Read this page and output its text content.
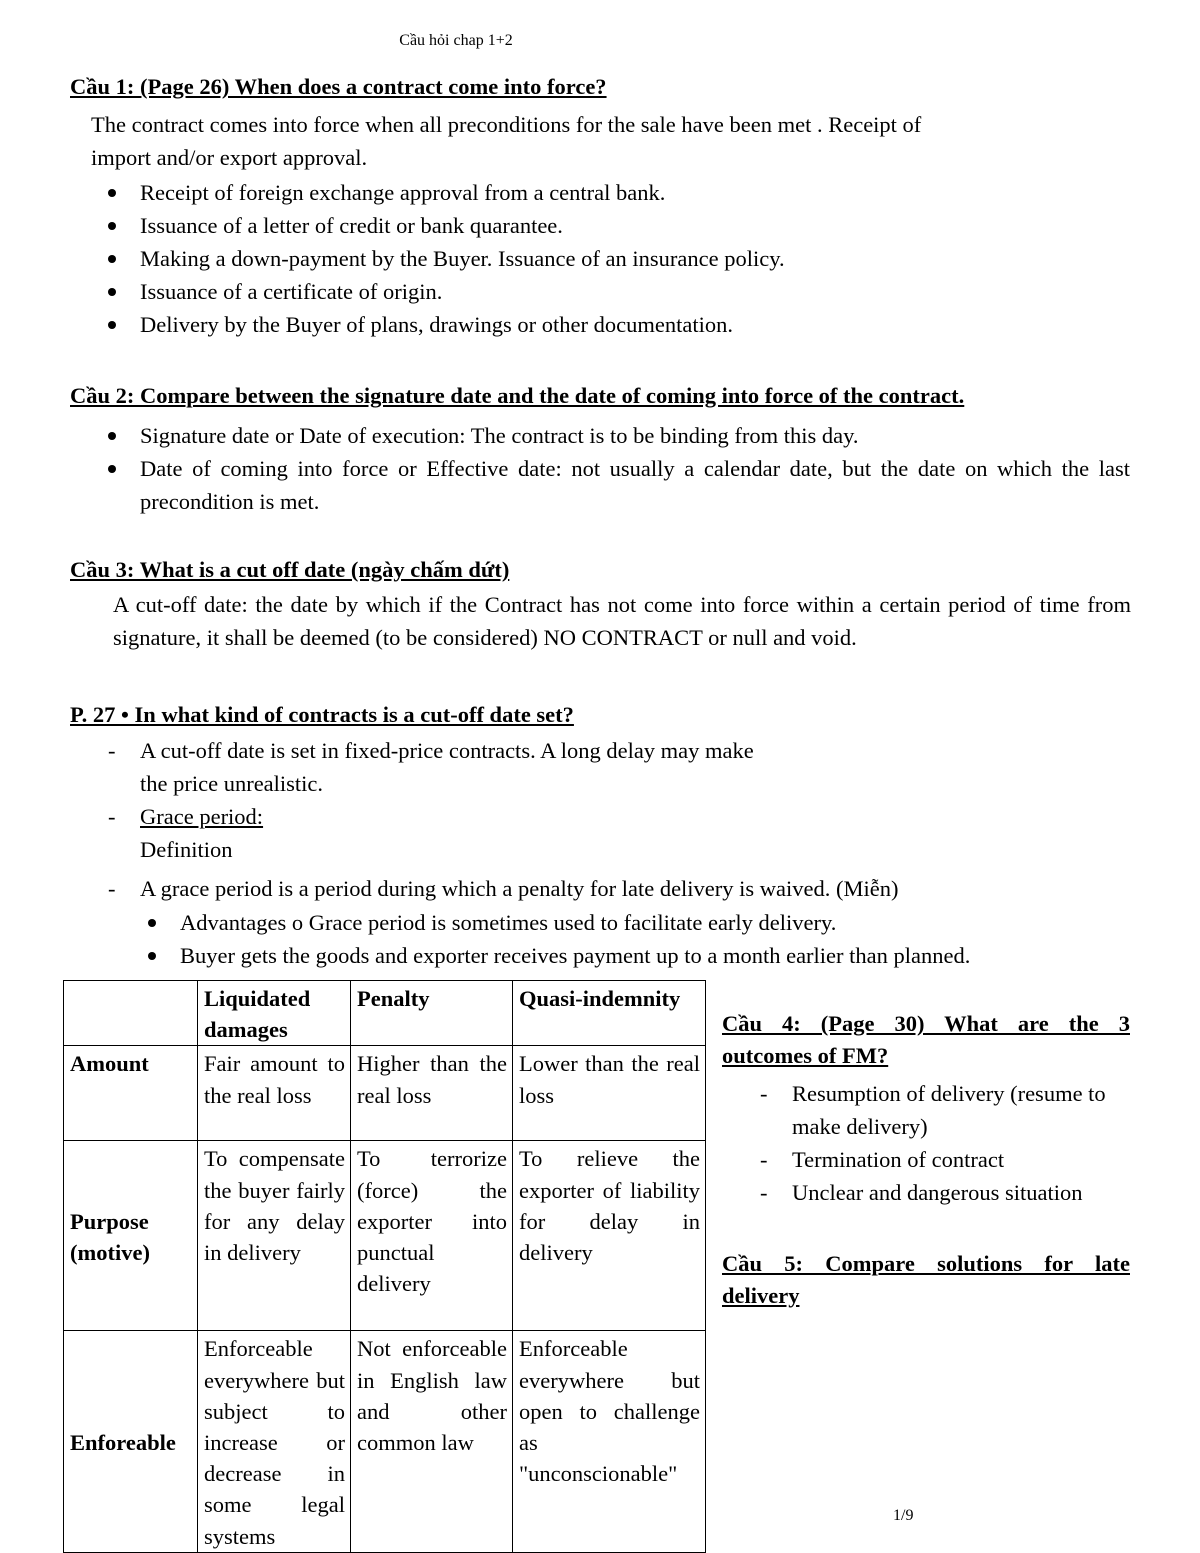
Cầu hỏi chap 1+2
Cầu 1: (Page 26) When does a contract come into force?
The contract comes into force when all preconditions for the sale have been met . Receipt of
import and/or export approval.
Receipt of foreign exchange approval from a central bank.
Issuance of a letter of credit or bank quarantee.
Making a down-payment by the Buyer. Issuance of an insurance policy.
Issuance of a certificate of origin.
Delivery by the Buyer of plans, drawings or other documentation.
Cầu 2: Compare between the signature date and the date of coming into force of the contract.
Signature date or Date of execution: The contract is to be binding from this day.
Date of coming into force or Effective date: not usually a calendar date, but the date on which the last precondition is met.
Cầu 3: What is a cut off date (ngày chấm dứt)
A cut-off date: the date by which if the Contract has not come into force within a certain period of time from signature, it shall be deemed (to be considered) NO CONTRACT or null and void.
P. 27 • In what kind of contracts is a cut-off date set?
- A cut-off date is set in fixed-price contracts. A long delay may make
the price unrealistic.
- Grace period:
Definition
- A grace period is a period during which a penalty for late delivery is waived. (Miễn)
Advantages o Grace period is sometimes used to facilitate early delivery.
Buyer gets the goods and exporter receives payment up to a month earlier than planned.
	Liquidated damages	Penalty	Quasi-indemnity
Amount	Fair amount to the real loss	Higher than the real loss	Lower than the real loss
Purpose (motive)	To compensate the buyer fairly for any delay in delivery	To terrorize (force) the exporter into punctual delivery	To relieve the exporter of liability for delay in delivery
Enforeable	Enforceable everywhere but subject to increase or decrease in some legal systems	Not enforceable in English law and other common law	Enforceable everywhere but open to challenge as "unconscionable"
Cầu 4: (Page 30) What are the 3
outcomes of FM?
- Resumption of delivery (resume to make delivery)
- Termination of contract
- Unclear and dangerous situation
Cầu 5: Compare solutions for late
delivery
1/9
